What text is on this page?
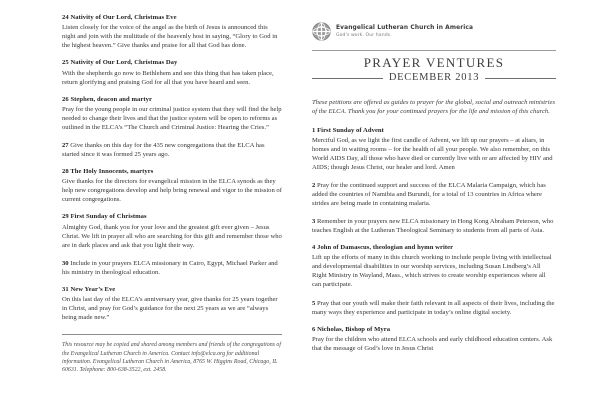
24 Nativity of Our Lord, Christmas Eve

Listen closely for the voice of the angel as the birth of Jesus is announced this night and join with the multitude of the heavenly host in saying, “Glory to God in the highest heaven.” Give thanks and praise for all that God has done.

25 Nativity of Our Lord, Christmas Day

With the shepherds go now to Bethlehem and see this thing that has taken place, return glorifying and praising God for all that you have heard and seen.

26 Stephen, deacon and martyr

Pray for the young people in our criminal justice system that they will find the help needed to change their lives and that the justice system will be open to reforms as outlined in the ELCA’s “The Church and Criminal Justice: Hearing the Cries.”

27 Give thanks on this day for the 435 new congregations that the ELCA has started since it was formed 25 years ago.

28 The Holy Innocents, martyrs

Give thanks for the directors for evangelical mission in the ELCA synods as they help new congregations develop and help bring renewal and vigor to the mission of current congregations.

29 First Sunday of Christmas

Almighty God, thank you for your love and the greatest gift ever given – Jesus Christ. We lift in prayer all who are searching for this gift and remember those who are in dark places and ask that you light their way.

30 Include in your prayers ELCA missionary in Cairo, Egypt, Michael Parker and his ministry in theological education.

31 New Year’s Eve

On this last day of the ELCA’s anniversary year, give thanks for 25 years together in Christ, and pray for God’s guidance for the next 25 years as we are “always being made new.”

This resource may be copied and shared among members and friends of the congregations of the Evangelical Lutheran Church in America. Contact info@elca.org for additional information. Evangelical Lutheran Church in America, 8765 W. Higgins Road, Chicago, IL 60631. Telephone: 800-638-3522, ext. 2458.

Evangelical Lutheran Church in America
God's work. Our hands.
PRAYER VENTURES
DECEMBER 2013

These petitions are offered as guides to prayer for the global, social and outreach ministries of the ELCA. Thank you for your continued prayers for the life and mission of this church.

1 First Sunday of Advent

Merciful God, as we light the first candle of Advent, we lift up our prayers – at altars, in homes and in waiting rooms – for the health of all your people. We also remember, on this World AIDS Day, all those who have died or currently live with or are affected by HIV and AIDS; though Jesus Christ, our healer and lord. Amen

2 Pray for the continued support and success of the ELCA Malaria Campaign, which has added the countries of Namibia and Burundi, for a total of 13 countries in Africa where strides are being made in containing malaria.

3 Remember in your prayers new ELCA missionary in Hong Kong Abraham Peterson, who teaches English at the Lutheran Theological Seminary to students from all parts of Asia.

4 John of Damascus, theologian and hymn writer

Lift up the efforts of many in this church working to include people living with intellectual and developmental disabilities in our worship services, including Susan Lindberg’s All Right Ministry in Wayland, Mass., which strives to create worship experiences where all can participate.

5 Pray that our youth will make their faith relevant in all aspects of their lives, including the many ways they experience and participate in today’s online digital society.

6 Nicholas, Bishop of Myra

Pray for the children who attend ELCA schools and early childhood education centers. Ask that the message of God’s love in Jesus Christ
